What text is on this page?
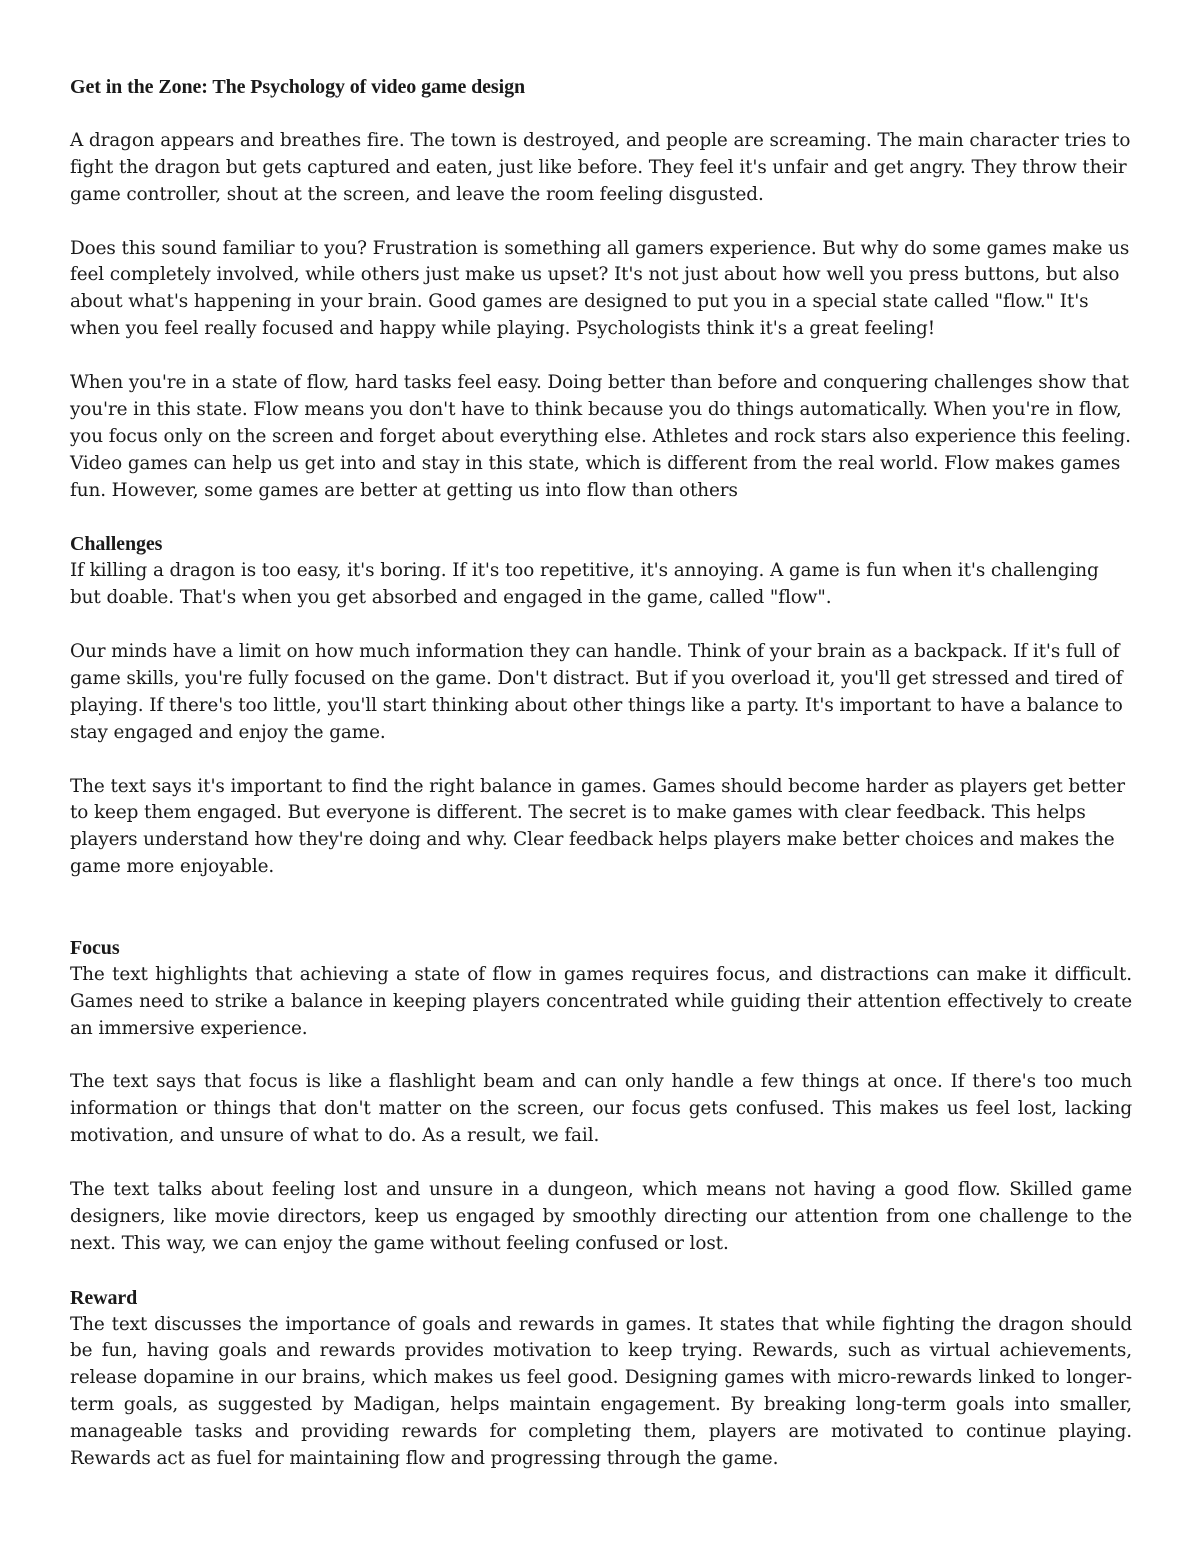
Get in the Zone: The Psychology of video game design

A dragon appears and breathes fire. The town is destroyed, and people are screaming. The main character tries to fight the dragon but gets captured and eaten, just like before. They feel it's unfair and get angry. They throw their game controller, shout at the screen, and leave the room feeling disgusted.

Does this sound familiar to you? Frustration is something all gamers experience. But why do some games make us feel completely involved, while others just make us upset? It's not just about how well you press buttons, but also about what's happening in your brain. Good games are designed to put you in a special state called "flow." It's when you feel really focused and happy while playing. Psychologists think it's a great feeling!

When you're in a state of flow, hard tasks feel easy. Doing better than before and conquering challenges show that you're in this state. Flow means you don't have to think because you do things automatically. When you're in flow, you focus only on the screen and forget about everything else. Athletes and rock stars also experience this feeling. Video games can help us get into and stay in this state, which is different from the real world. Flow makes games fun. However, some games are better at getting us into flow than others

Challenges

If killing a dragon is too easy, it's boring. If it's too repetitive, it's annoying. A game is fun when it's challenging but doable. That's when you get absorbed and engaged in the game, called "flow".

Our minds have a limit on how much information they can handle. Think of your brain as a backpack. If it's full of game skills, you're fully focused on the game. Don't distract. But if you overload it, you'll get stressed and tired of playing. If there's too little, you'll start thinking about other things like a party. It's important to have a balance to stay engaged and enjoy the game.

The text says it's important to find the right balance in games. Games should become harder as players get better to keep them engaged. But everyone is different. The secret is to make games with clear feedback. This helps players understand how they're doing and why. Clear feedback helps players make better choices and makes the game more enjoyable.

Focus

The text highlights that achieving a state of flow in games requires focus, and distractions can make it difficult. Games need to strike a balance in keeping players concentrated while guiding their attention effectively to create an immersive experience.

The text says that focus is like a flashlight beam and can only handle a few things at once. If there's too much information or things that don't matter on the screen, our focus gets confused. This makes us feel lost, lacking motivation, and unsure of what to do. As a result, we fail.

The text talks about feeling lost and unsure in a dungeon, which means not having a good flow. Skilled game designers, like movie directors, keep us engaged by smoothly directing our attention from one challenge to the next. This way, we can enjoy the game without feeling confused or lost.

Reward

The text discusses the importance of goals and rewards in games. It states that while fighting the dragon should be fun, having goals and rewards provides motivation to keep trying. Rewards, such as virtual achievements, release dopamine in our brains, which makes us feel good. Designing games with micro-rewards linked to longer-term goals, as suggested by Madigan, helps maintain engagement. By breaking long-term goals into smaller, manageable tasks and providing rewards for completing them, players are motivated to continue playing. Rewards act as fuel for maintaining flow and progressing through the game.
